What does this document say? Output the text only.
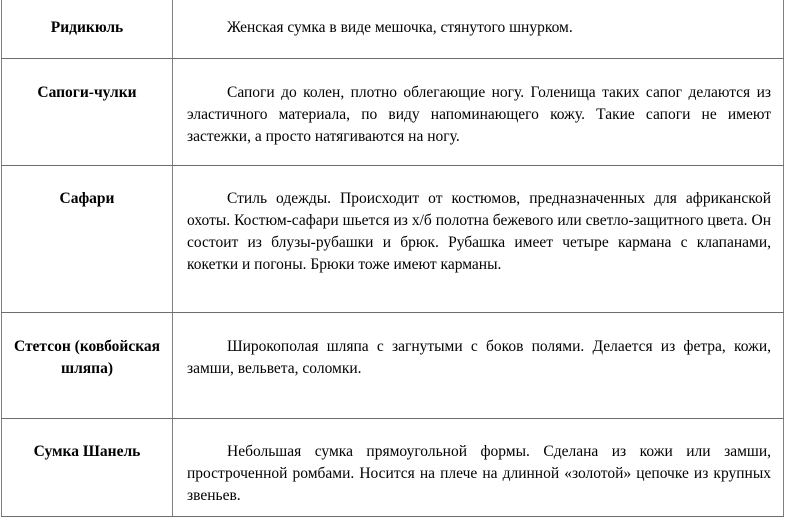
Ридикюль	Женская сумка в виде мешочка, стянутого шнурком.

Сапоги-чулки	Сапоги до колен, плотно облегающие ногу. Голенища таких сапог делаются из эластичного материала, по виду напоминающего кожу. Такие сапоги не имеют застежки, а просто натягиваются на ногу.

Сафари	Стиль одежды. Происходит от костюмов, предназначенных для африканской охоты. Костюм-сафари шьется из х/б полотна бежевого или светло-защитного цвета. Он состоит из блузы-рубашки и брюк. Рубашка имеет четыре кармана с клапанами, кокетки и погоны. Брюки тоже имеют карманы.

Стетсон (ковбойская шляпа)	Широкополая шляпа с загнутыми с боков полями. Делается из фетра, кожи, замши, вельвета, соломки.

Сумка Шанель	Небольшая сумка прямоугольной формы. Сделана из кожи или замши, простроченной ромбами. Носится на плече на длинной «золотой» цепочке из крупных звеньев.
